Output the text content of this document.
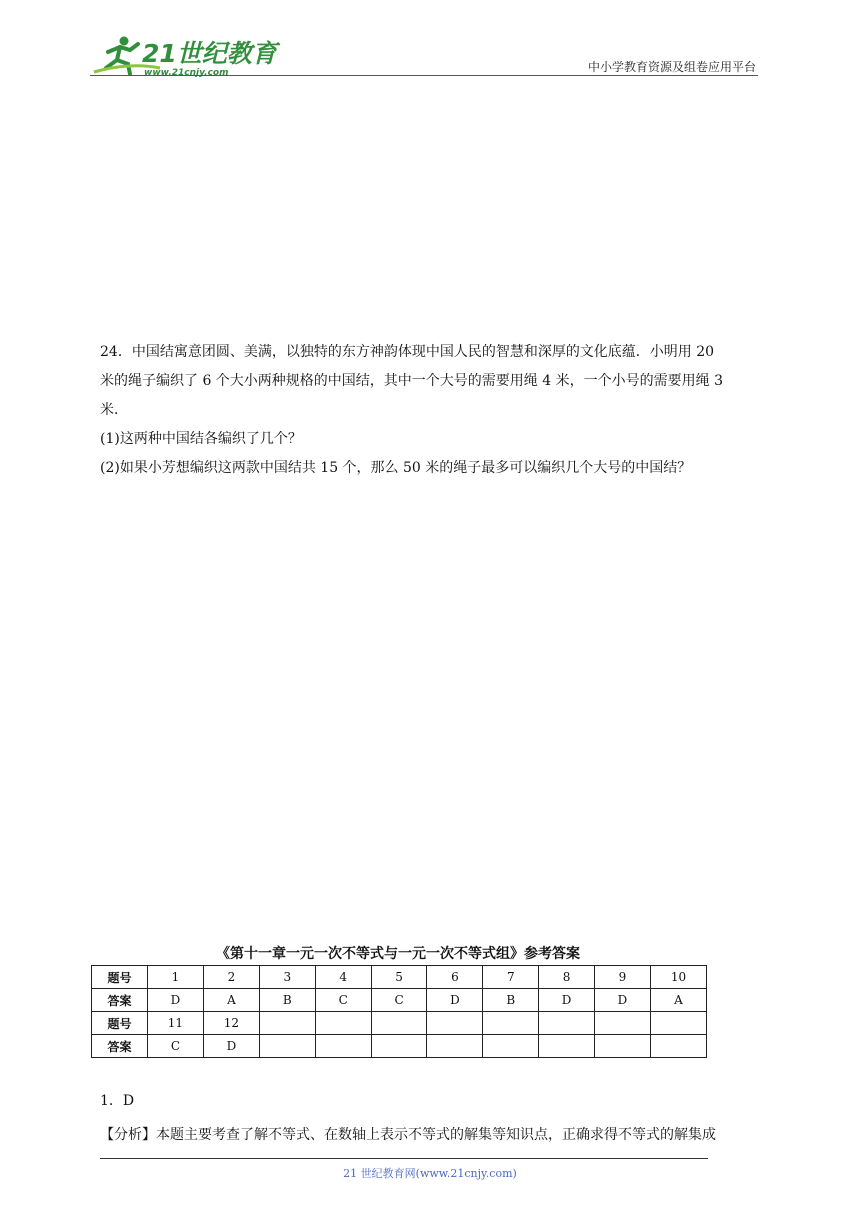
21世纪教育
www.21cnjy.com	中小学教育资源及组卷应用平台

24．中国结寓意团圆、美满，以独特的东方神韵体现中国人民的智慧和深厚的文化底蕴．小明用 20

米的绳子编织了 6 个大小两种规格的中国结，其中一个大号的需要用绳 4 米，一个小号的需要用绳 3

米．

(1)这两种中国结各编织了几个？

(2)如果小芳想编织这两款中国结共 15 个，那么 50 米的绳子最多可以编织几个大号的中国结？

《第十一章一元一次不等式与一元一次不等式组》参考答案
题号	1	2	3	4	5	6	7	8	9	10
答案	D	A	B	C	C	D	B	D	D	A
题号	11	12								
答案	C	D								
1．D
【分析】本题主要考查了解不等式、在数轴上表示不等式的解集等知识点，正确求得不等式的解集成
21 世纪教育网(www.21cnjy.com)
